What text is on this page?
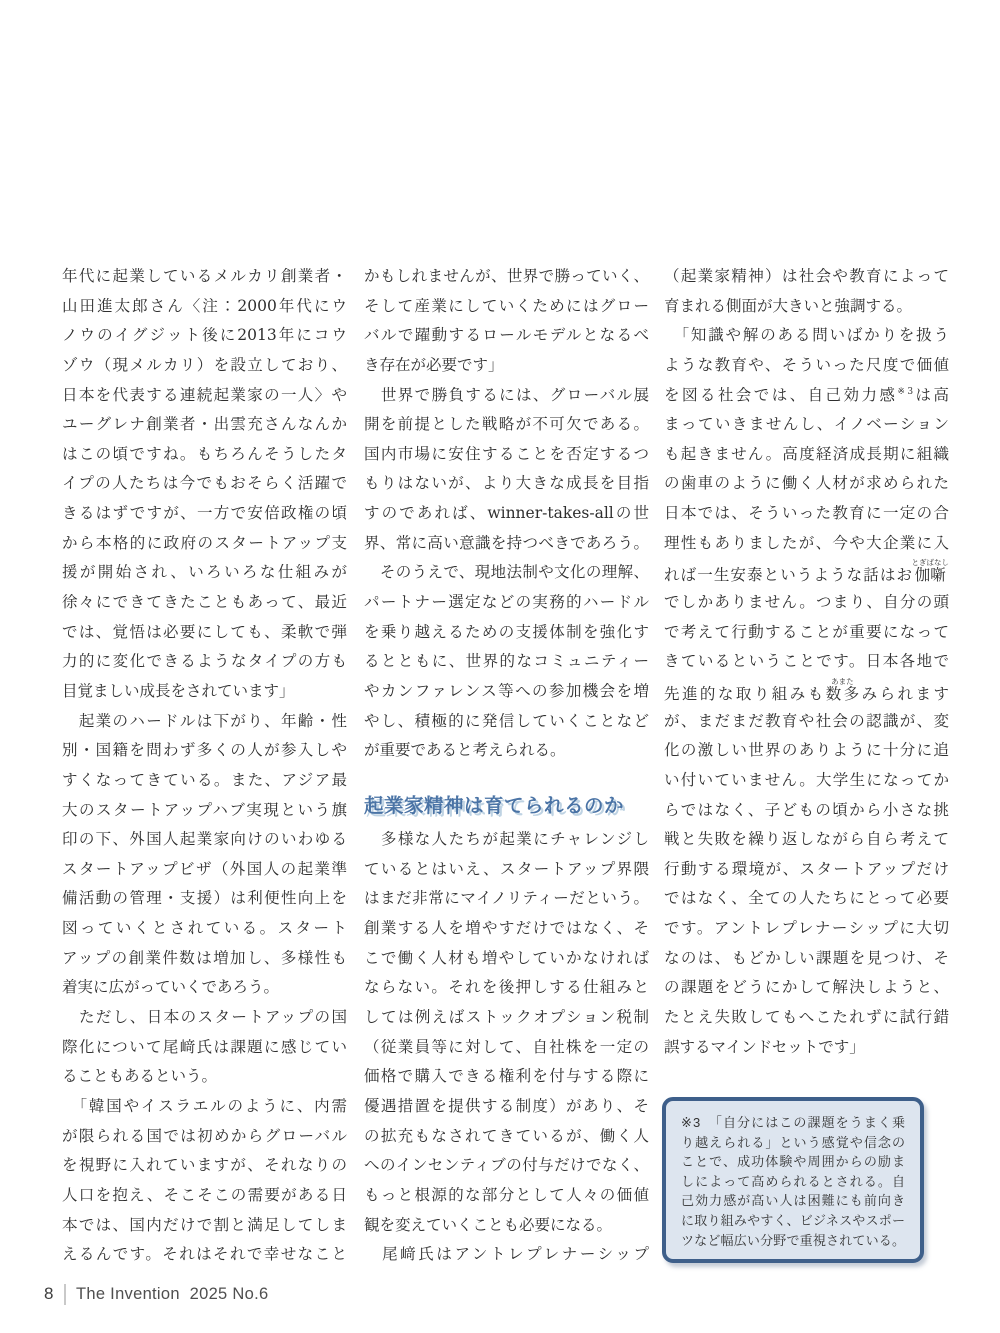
年代に起業しているメルカリ創業者・
山田進太郎さん〈注：2000年代にウ
ノウのイグジット後に2013年にコウ
ゾウ（現メルカリ）を設立しており、
日本を代表する連続起業家の一人〉や
ユーグレナ創業者・出雲充さんなんか
はこの頃ですね。もちろんそうしたタ
イプの人たちは今でもおそらく活躍で
きるはずですが、一方で安倍政権の頃
から本格的に政府のスタートアップ支
援が開始され、いろいろな仕組みが
徐々にできてきたこともあって、最近
では、覚悟は必要にしても、柔軟で弾
力的に変化できるようなタイプの方も
目覚ましい成長をされています」
　起業のハードルは下がり、年齢・性
別・国籍を問わず多くの人が参入しや
すくなってきている。また、アジア最
大のスタートアップハブ実現という旗
印の下、外国人起業家向けのいわゆる
スタートアップビザ（外国人の起業準
備活動の管理・支援）は利便性向上を
図っていくとされている。スタート
アップの創業件数は増加し、多様性も
着実に広がっていくであろう。
　ただし、日本のスタートアップの国
際化について尾﨑氏は課題に感じてい
ることもあるという。
　「韓国やイスラエルのように、内需
が限られる国では初めからグローバル
を視野に入れていますが、それなりの
人口を抱え、そこそこの需要がある日
本では、国内だけで割と満足してしま
えるんです。それはそれで幸せなこと
かもしれませんが、世界で勝っていく、
そして産業にしていくためにはグロー
バルで躍動するロールモデルとなるべ
き存在が必要です」
　世界で勝負するには、グローバル展
開を前提とした戦略が不可欠である。
国内市場に安住することを否定するつ
もりはないが、より大きな成長を目指
すのであれば、winner-takes-allの世
界、常に高い意識を持つべきであろう。
　そのうえで、現地法制や文化の理解、
パートナー選定などの実務的ハードル
を乗り越えるための支援体制を強化す
るとともに、世界的なコミュニティー
やカンファレンス等への参加機会を増
やし、積極的に発信していくことなど
が重要であると考えられる。
起業家精神は育てられるのか
　多様な人たちが起業にチャレンジし
ているとはいえ、スタートアップ界隈
はまだ非常にマイノリティーだという。
創業する人を増やすだけではなく、そ
こで働く人材も増やしていかなければ
ならない。それを後押しする仕組みと
しては例えばストックオプション税制
（従業員等に対して、自社株を一定の
価格で購入できる権利を付与する際に
優遇措置を提供する制度）があり、そ
の拡充もなされてきているが、働く人
へのインセンティブの付与だけでなく、
もっと根源的な部分として人々の価値
観を変えていくことも必要になる。
　尾﨑氏はアントレプレナーシップ
（起業家精神）は社会や教育によって
育まれる側面が大きいと強調する。
　「知識や解のある問いばかりを扱う
ような教育や、そういった尺度で価値
を図る社会では、自己効力感$^{※3}$は高
まっていきませんし、イノベーション
も起きません。高度経済成長期に組織
の歯車のように働く人材が求められた
日本では、そういった教育に一定の合
理性もありましたが、今や大企業に入
れば一生安泰というような話はお伽噺とぎばなし
でしかありません。つまり、自分の頭
で考えて行動することが重要になって
きているということです。日本各地で
先進的な取り組みも数多あまたみられます
が、まだまだ教育や社会の認識が、変
化の激しい世界のありように十分に追
い付いていません。大学生になってか
らではなく、子どもの頃から小さな挑
戦と失敗を繰り返しながら自ら考えて
行動する環境が、スタートアップだけ
ではなく、全ての人たちにとって必要
です。アントレプレナーシップに大切
なのは、もどかしい課題を見つけ、そ
の課題をどうにかして解決しようと、
たとえ失敗してもへこたれずに試行錯
誤するマインドセットです」
※3　「自分にはこの課題をうまく乗
り越えられる」という感覚や信念の
ことで、成功体験や周囲からの励ま
しによって高められるとされる。自
己効力感が高い人は困難にも前向き
に取り組みやすく、ビジネスやスポー
ツなど幅広い分野で重視されている。
8 The Invention  2025 No.6
